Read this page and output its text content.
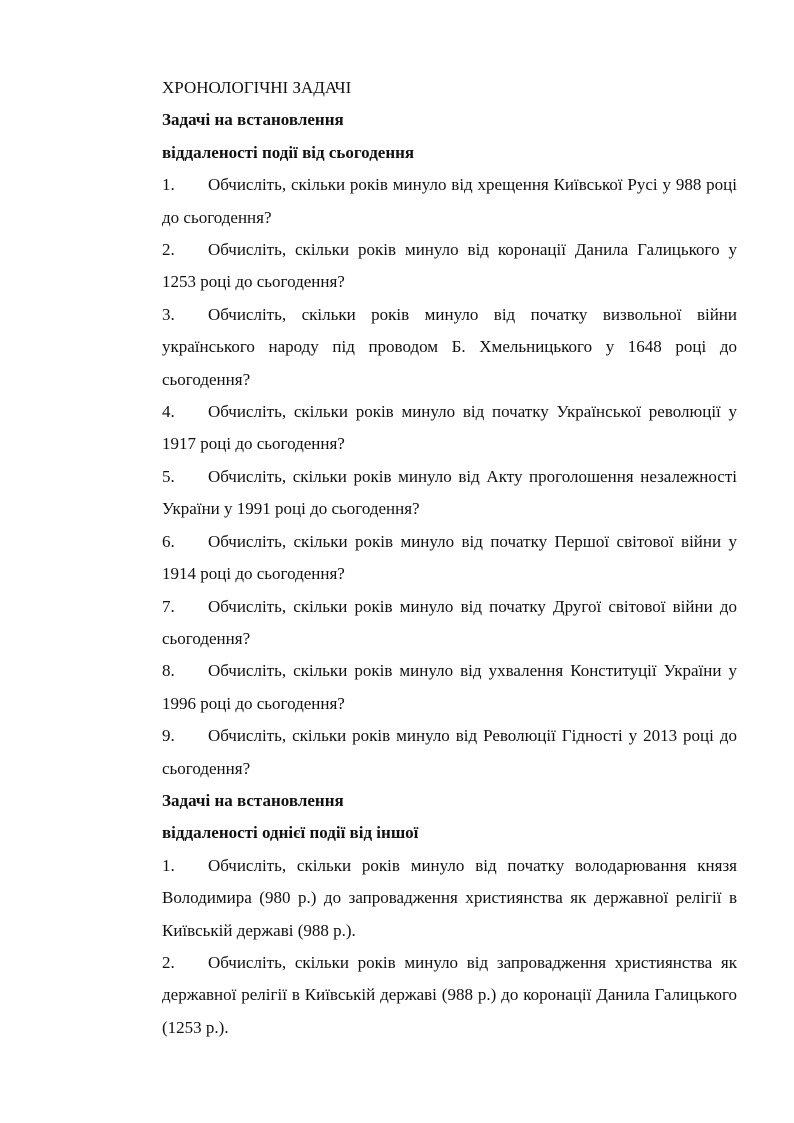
ХРОНОЛОГІЧНІ ЗАДАЧІ

Задачі на встановлення

віддаленості події від сьогодення

1. Обчисліть, скільки років минуло від хрещення Київської Русі у 988 році до сьогодення?

2. Обчисліть, скільки років минуло від коронації Данила Галицького у 1253 році до сьогодення?

3. Обчисліть, скільки років минуло від початку визвольної війни українського народу під проводом Б. Хмельницького у 1648 році до сьогодення?

4. Обчисліть, скільки років минуло від початку Української революції у 1917 році до сьогодення?

5. Обчисліть, скільки років минуло від Акту проголошення незалежності України у 1991 році до сьогодення?

6. Обчисліть, скільки років минуло від початку Першої світової війни у 1914 році до сьогодення?

7. Обчисліть, скільки років минуло від початку Другої світової війни до сьогодення?

8. Обчисліть, скільки років минуло від ухвалення Конституції України у 1996 році до сьогодення?

9. Обчисліть, скільки років минуло від Революції Гідності у 2013 році до сьогодення?

Задачі на встановлення

віддаленості однієї події від іншої

1. Обчисліть, скільки років минуло від початку володарювання князя Володимира (980 р.) до запровадження християнства як державної релігії в Київській державі (988 р.).

2. Обчисліть, скільки років минуло від запровадження християнства як державної релігії в Київській державі (988 р.) до коронації Данила Галицького (1253 р.).
